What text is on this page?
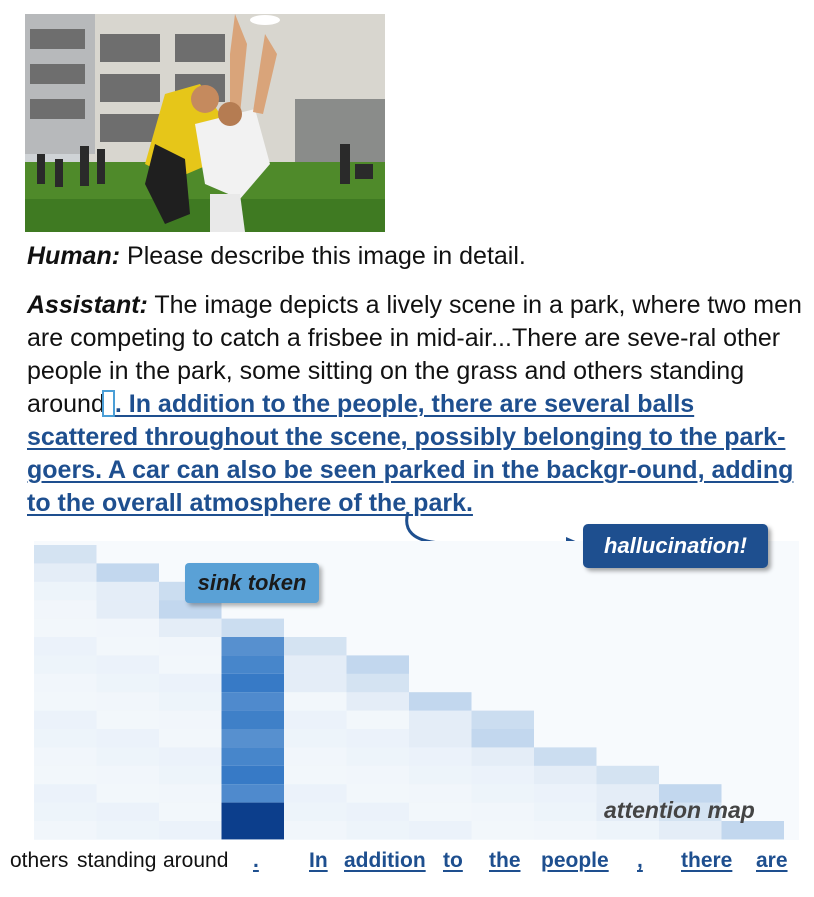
Human: Please describe this image in detail.

Assistant: The image depicts a lively scene in a park, where two men are competing to catch a frisbee in mid-air...There are seve-ral other people in the park, some sitting on the grass and others standing around . In addition to the people, there are several balls scattered throughout the scene, possibly belonging to the park-goers. A car can also be seen parked in the backgr-ound, adding to the overall atmosphere of the park.

hallucination!
sink token
attention map
others standing around . In addition to the people , there are
